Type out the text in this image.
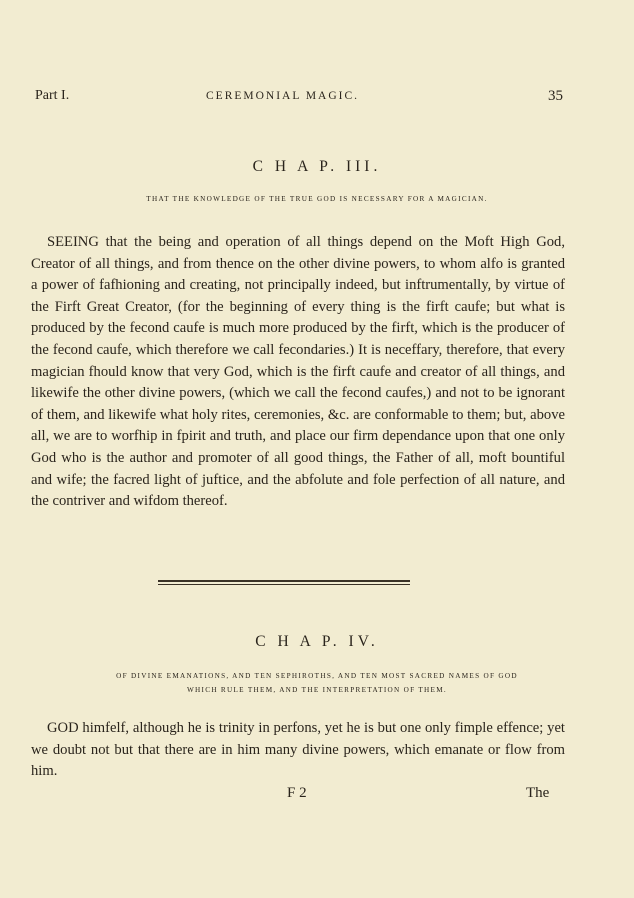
Part I.	CEREMONIAL MAGIC.	35
C H A P. III.
THAT THE KNOWLEDGE OF THE TRUE GOD IS NECESSARY FOR A MAGICIAN.

SEEING that the being and operation of all things depend on the Moft High God, Creator of all things, and from thence on the other divine powers, to whom alfo is granted a power of fafhioning and creating, not principally indeed, but inftrumentally, by virtue of the Firft Great Creator, (for the beginning of every thing is the firft caufe; but what is produced by the fecond caufe is much more produced by the firft, which is the producer of the fecond caufe, which therefore we call fecondaries.) It is neceffary, therefore, that every magician fhould know that very God, which is the firft caufe and creator of all things, and likewife the other divine powers, (which we call the fecond caufes,) and not to be ignorant of them, and likewife what holy rites, ceremonies, &c. are conformable to them; but, above all, we are to worfhip in fpirit and truth, and place our firm dependance upon that one only God who is the author and promoter of all good things, the Father of all, moft bountiful and wife; the facred light of juftice, and the abfolute and fole perfection of all nature, and the contriver and wifdom thereof.

C H A P. IV.
OF DIVINE EMANATIONS, AND TEN SEPHIROTHS, AND TEN MOST SACRED NAMES OF GOD
WHICH RULE THEM, AND THE INTERPRETATION OF THEM.

GOD himfelf, although he is trinity in perfons, yet he is but one only fimple effence; yet we doubt not but that there are in him many divine powers, which emanate or flow from him.

F 2	The
